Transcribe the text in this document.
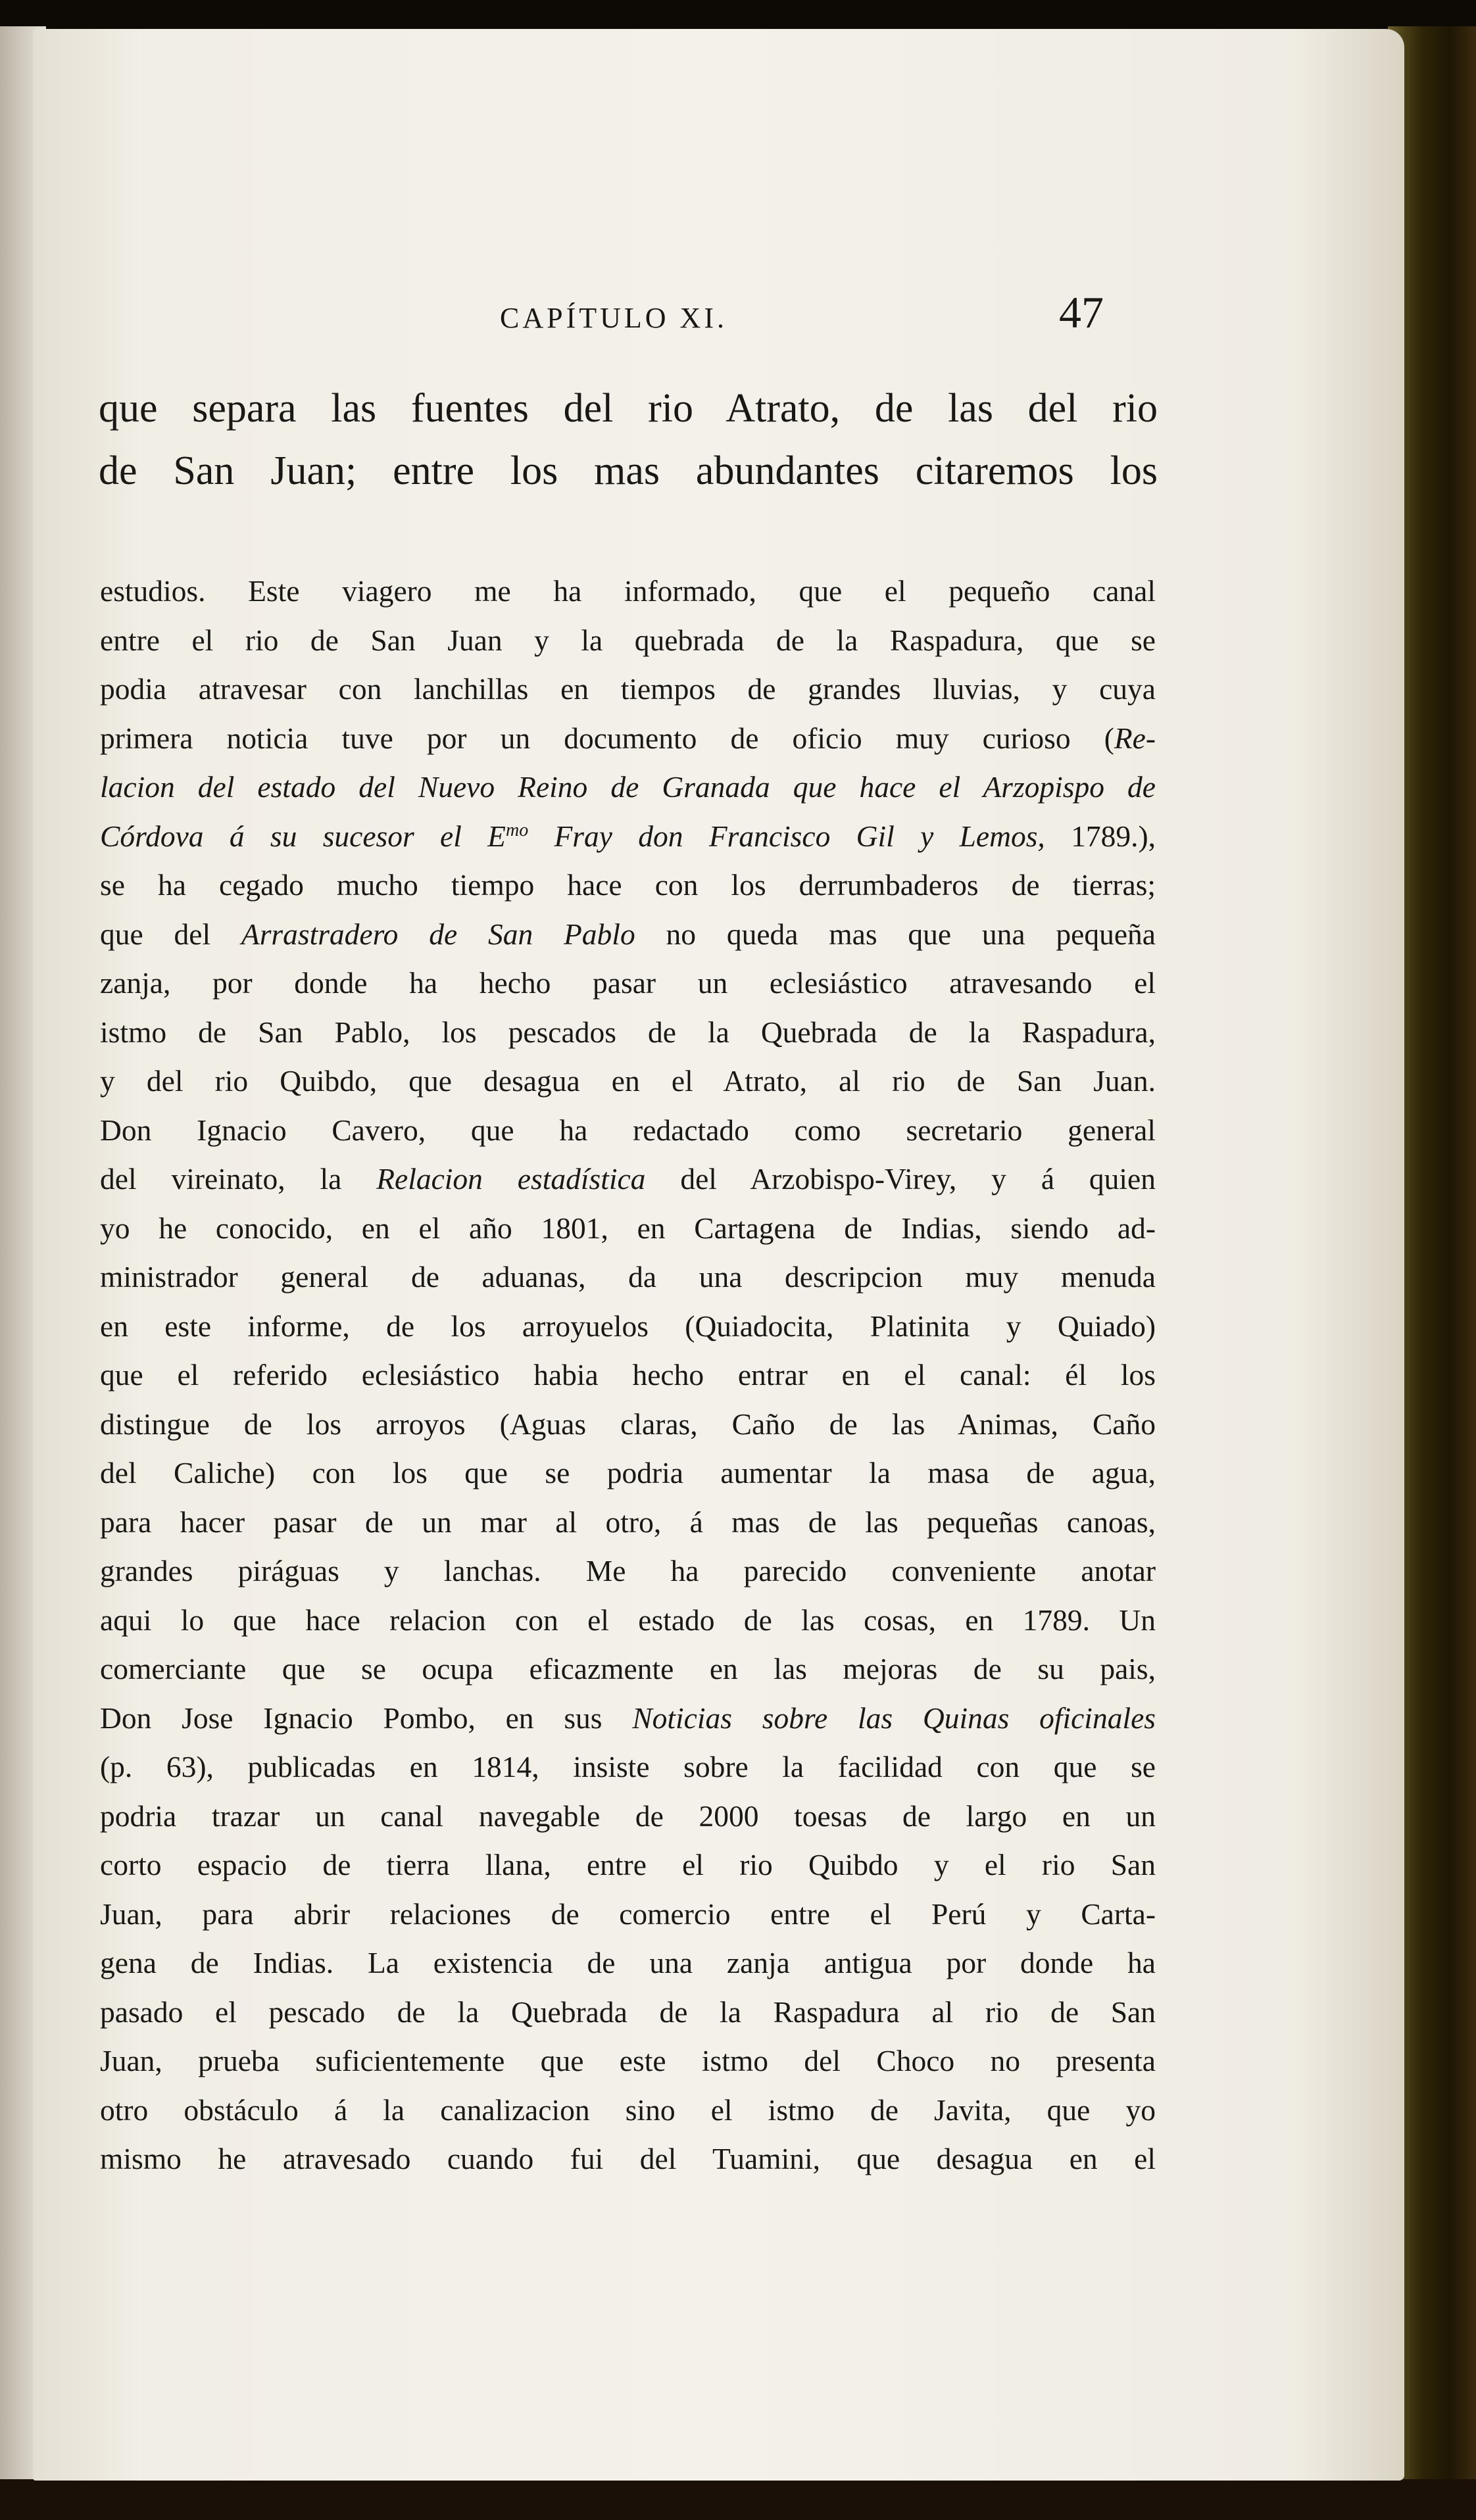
CAPÍTULO XI.	47
que separa las fuentes del rio Atrato, de las del rio
de San Juan; entre los mas abundantes citaremos los
estudios. Este viagero me ha informado, que el pequeño canal
entre el rio de San Juan y la quebrada de la Raspadura, que se
podia atravesar con lanchillas en tiempos de grandes lluvias, y cuya
primera noticia tuve por un documento de oficio muy curioso (Re-
lacion del estado del Nuevo Reino de Granada que hace el Arzopispo de
Córdova á su sucesor el $E^{mo}$ Fray don Francisco Gil y Lemos, 1789.),
se ha cegado mucho tiempo hace con los derrumbaderos de tierras;
que del Arrastradero de San Pablo no queda mas que una pequeña
zanja, por donde ha hecho pasar un eclesiástico atravesando el
istmo de San Pablo, los pescados de la Quebrada de la Raspadura,
y del rio Quibdo, que desagua en el Atrato, al rio de San Juan.
Don Ignacio Cavero, que ha redactado como secretario general
del vireinato, la Relacion estadística del Arzobispo-Virey, y á quien
yo he conocido, en el año 1801, en Cartagena de Indias, siendo ad-
ministrador general de aduanas, da una descripcion muy menuda
en este informe, de los arroyuelos (Quiadocita, Platinita y Quiado)
que el referido eclesiástico habia hecho entrar en el canal: él los
distingue de los arroyos (Aguas claras, Caño de las Animas, Caño
del Caliche) con los que se podria aumentar la masa de agua,
para hacer pasar de un mar al otro, á mas de las pequeñas canoas,
grandes piráguas y lanchas. Me ha parecido conveniente anotar
aqui lo que hace relacion con el estado de las cosas, en 1789. Un
comerciante que se ocupa eficazmente en las mejoras de su pais,
Don Jose Ignacio Pombo, en sus Noticias sobre las Quinas oficinales
(p. 63), publicadas en 1814, insiste sobre la facilidad con que se
podria trazar un canal navegable de 2000 toesas de largo en un
corto espacio de tierra llana, entre el rio Quibdo y el rio San
Juan, para abrir relaciones de comercio entre el Perú y Carta-
gena de Indias. La existencia de una zanja antigua por donde ha
pasado el pescado de la Quebrada de la Raspadura al rio de San
Juan, prueba suficientemente que este istmo del Choco no presenta
otro obstáculo á la canalizacion sino el istmo de Javita, que yo
mismo he atravesado cuando fui del Tuamini, que desagua en el
